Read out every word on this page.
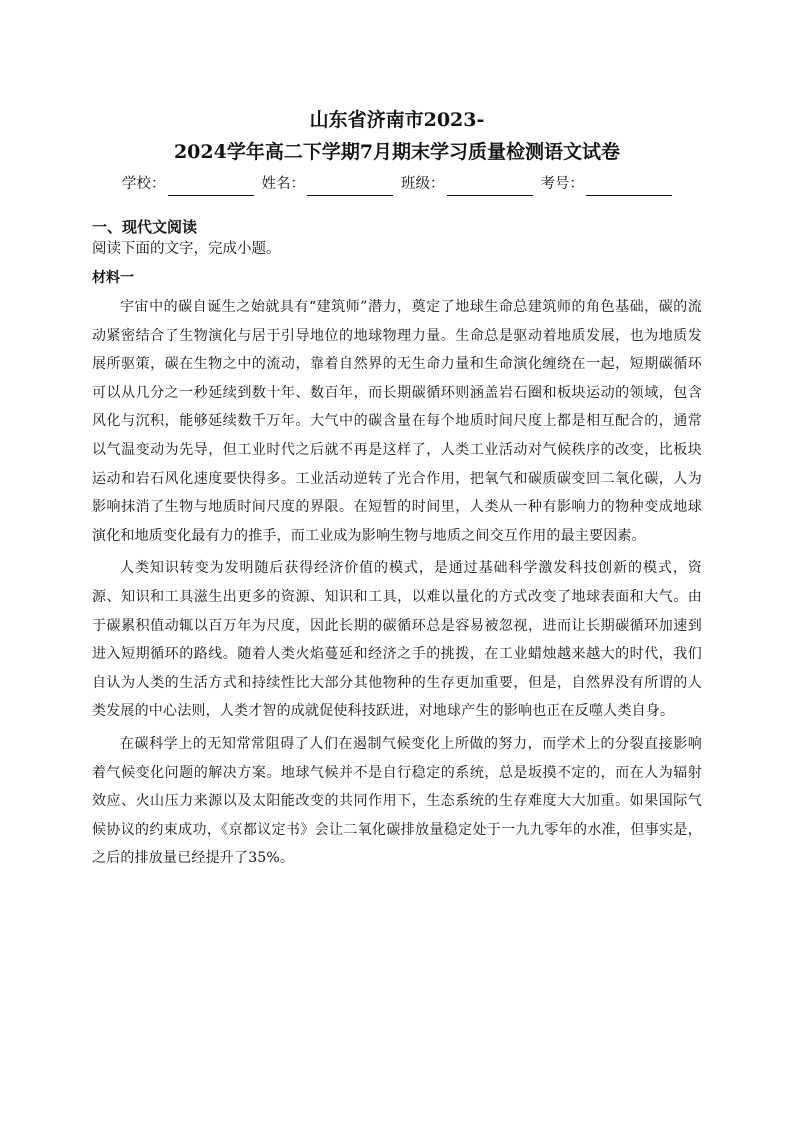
山东省济南市2023-
2024学年高二下学期7月期末学习质量检测语文试卷
学校：	姓名：	班级：	考号：
一、现代文阅读
阅读下面的文字，完成小题。
材料一

宇宙中的碳自诞生之始就具有“建筑师”潜力，奠定了地球生命总建筑师的角色基础，碳的流动紧密结合了生物演化与居于引导地位的地球物理力量。生命总是驱动着地质发展，也为地质发展所驱策，碳在生物之中的流动，靠着自然界的无生命力量和生命演化缠绕在一起，短期碳循环可以从几分之一秒延续到数十年、数百年，而长期碳循环则涵盖岩石圈和板块运动的领域，包含风化与沉积，能够延续数千万年。大气中的碳含量在每个地质时间尺度上都是相互配合的，通常以气温变动为先导，但工业时代之后就不再是这样了，人类工业活动对气候秩序的改变，比板块运动和岩石风化速度要快得多。工业活动逆转了光合作用，把氧气和碳质碳变回二氧化碳，人为影响抹消了生物与地质时间尺度的界限。在短暂的时间里，人类从一种有影响力的物种变成地球演化和地质变化最有力的推手，而工业成为影响生物与地质之间交互作用的最主要因素。

人类知识转变为发明随后获得经济价值的模式，是通过基础科学激发科技创新的模式，资源、知识和工具滋生出更多的资源、知识和工具，以难以量化的方式改变了地球表面和大气。由于碳累积值动辄以百万年为尺度，因此长期的碳循环总是容易被忽视，进而让长期碳循环加速到进入短期循环的路线。随着人类火焰蔓延和经济之手的挑拨，在工业蜡烛越来越大的时代，我们自认为人类的生活方式和持续性比大部分其他物种的生存更加重要，但是，自然界没有所谓的人类发展的中心法则，人类才智的成就促使科技跃进，对地球产生的影响也正在反噬人类自身。

在碳科学上的无知常常阻碍了人们在遏制气候变化上所做的努力，而学术上的分裂直接影响着气候变化问题的解决方案。地球气候并不是自行稳定的系统，总是坂摸不定的，而在人为辐射效应、火山压力来源以及太阳能改变的共同作用下，生态系统的生存难度大大加重。如果国际气候协议的约束成功，《京都议定书》会让二氧化碳排放量稳定处于一九九零年的水准，但事实是，之后的排放量已经提升了35%。
